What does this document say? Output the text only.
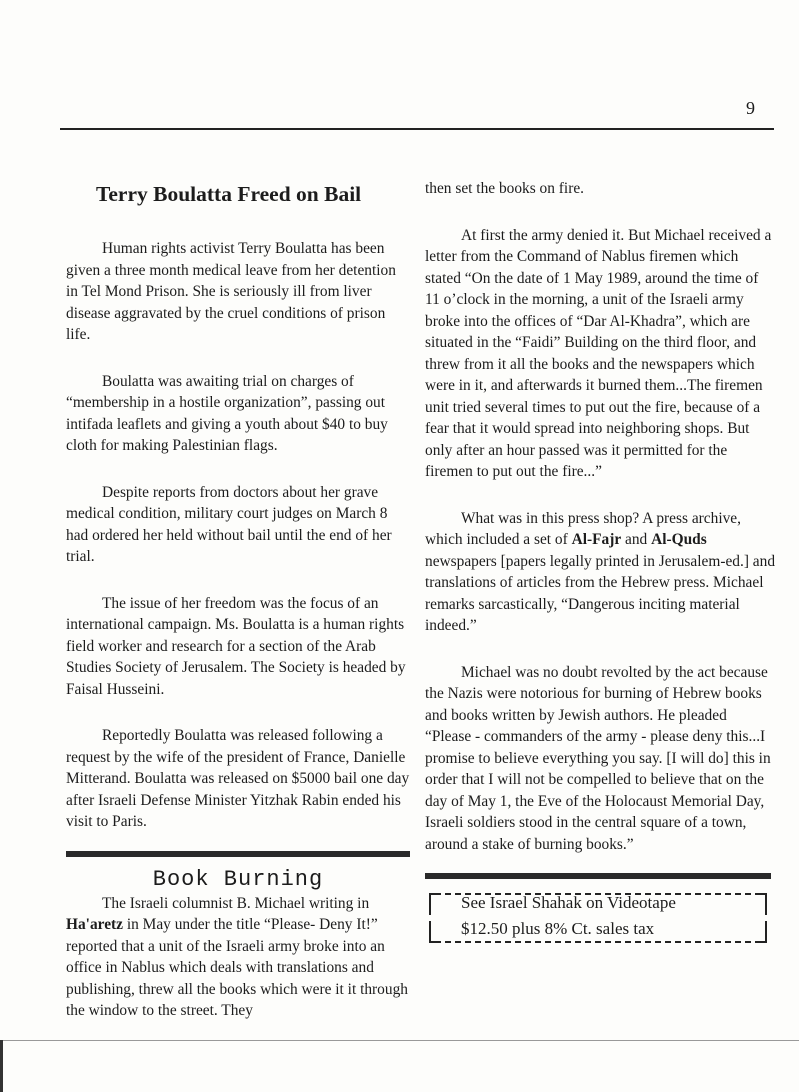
9
Terry Boulatta Freed on Bail

Human rights activist Terry Boulatta has been given a three month medical leave from her detention in Tel Mond Prison. She is seriously ill from liver disease aggravated by the cruel conditions of prison life.

Boulatta was awaiting trial on charges of “membership in a hostile organization”, passing out intifada leaflets and giving a youth about $40 to buy cloth for making Palestinian flags.

Despite reports from doctors about her grave medical condition, military court judges on March 8 had ordered her held without bail until the end of her trial.

The issue of her freedom was the focus of an international campaign. Ms. Boulatta is a human rights field worker and research for a section of the Arab Studies Society of Jerusalem. The Society is headed by Faisal Husseini.

Reportedly Boulatta was released following a request by the wife of the president of France, Danielle Mitterand. Boulatta was released on $5000 bail one day after Israeli Defense Minister Yitzhak Rabin ended his visit to Paris.

Book Burning

The Israeli columnist B. Michael writing in Ha'aretz in May under the title “Please- Deny It!” reported that a unit of the Israeli army broke into an office in Nablus which deals with translations and publishing, threw all the books which were it it through the window to the street. They

then set the books on fire.

At first the army denied it. But Michael received a letter from the Command of Nablus firemen which stated “On the date of 1 May 1989, around the time of 11 o’clock in the morning, a unit of the Israeli army broke into the offices of “Dar Al-Khadra”, which are situated in the “Faidi” Building on the third floor, and threw from it all the books and the newspapers which were in it, and afterwards it burned them...The firemen unit tried several times to put out the fire, because of a fear that it would spread into neighboring shops. But only after an hour passed was it permitted for the firemen to put out the fire...”

What was in this press shop? A press archive, which included a set of Al-Fajr and Al-Quds newspapers [papers legally printed in Jerusalem-ed.] and translations of articles from the Hebrew press. Michael remarks sarcastically, “Dangerous inciting material indeed.”

Michael was no doubt revolted by the act because the Nazis were notorious for burning of Hebrew books and books written by Jewish authors. He pleaded “Please - commanders of the army - please deny this...I promise to believe everything you say. [I will do] this in order that I will not be compelled to believe that on the day of May 1, the Eve of the Holocaust Memorial Day, Israeli soldiers stood in the central square of a town, around a stake of burning books.”

See Israel Shahak on Videotape
$12.50 plus 8% Ct. sales tax
